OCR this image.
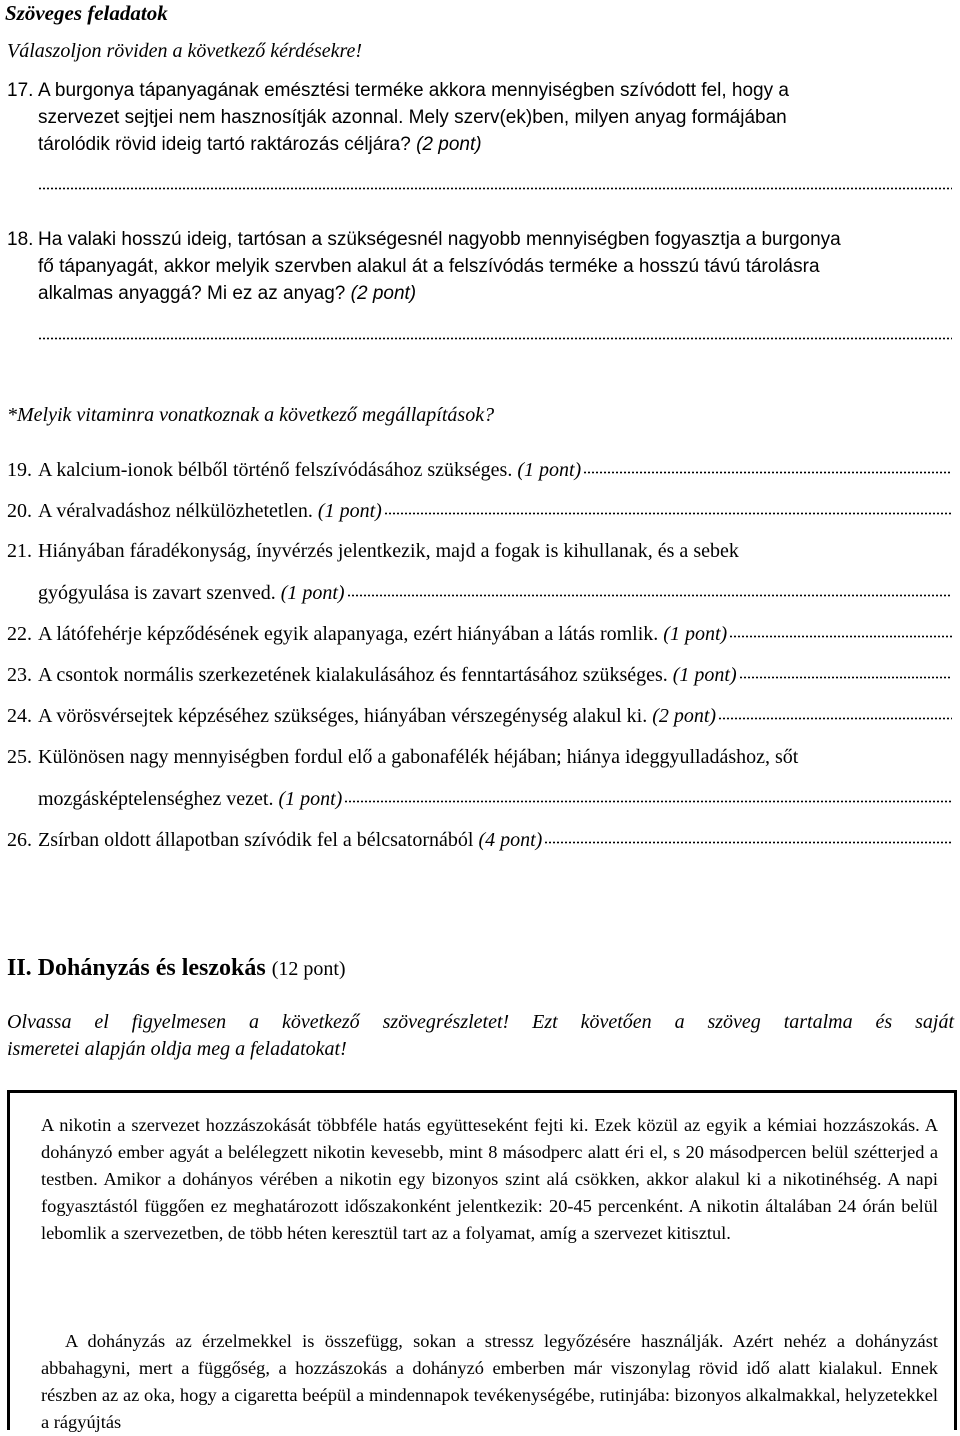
Szöveges feladatok
Válaszoljon röviden a következő kérdésekre!
17. A burgonya tápanyagának emésztési terméke akkora mennyiségben szívódott fel, hogy a
szervezet sejtjei nem hasznosítják azonnal. Mely szerv(ek)ben, milyen anyag formájában
tárolódik rövid ideig tartó raktározás céljára? (2 pont)
18. Ha valaki hosszú ideig, tartósan a szükségesnél nagyobb mennyiségben fogyasztja a burgonya
fő tápanyagát, akkor melyik szervben alakul át a felszívódás terméke a hosszú távú tárolásra
alkalmas anyaggá? Mi ez az anyag? (2 pont)
*Melyik vitaminra vonatkoznak a következő megállapítások?
19. A kalcium-ionok bélből történő felszívódásához szükséges.
(1 pont)
20. A véralvadáshoz nélkülözhetetlen.
(1 pont)
21. Hiányában fáradékonyság, ínyvérzés jelentkezik, majd a fogak is kihullanak, és a sebek
gyógyulása is zavart szenved.
(1 pont)
22. A látófehérje képződésének egyik alapanyaga, ezért hiányában a látás romlik.
(1 pont)
23. A csontok normális szerkezetének kialakulásához és fenntartásához szükséges.
(1 pont)
24. A vörösvérsejtek képzéséhez szükséges, hiányában vérszegénység alakul ki.
(2 pont)
25. Különösen nagy mennyiségben fordul elő a gabonafélék héjában; hiánya ideggyulladáshoz, sőt
mozgásképtelenséghez vezet.
(1 pont)
26. Zsírban oldott állapotban szívódik fel a bélcsatornából
(4 pont)
II. Dohányzás és leszokás (12 pont)
Olvassa el figyelmesen a következő szövegrészletet! Ezt követően a szöveg tartalma és saját
ismeretei alapján oldja meg a feladatokat!

A nikotin a szervezet hozzászokását többféle hatás együtteseként fejti ki. Ezek közül az egyik a kémiai hozzászokás. A dohányzó ember agyát a belélegzett nikotin kevesebb, mint 8 másodperc alatt éri el, s 20 másodpercen belül szétterjed a testben. Amikor a dohányos vérében a nikotin egy bizonyos szint alá csökken, akkor alakul ki a nikotinéhség. A napi fogyasztástól függően ez meghatározott időszakonként jelentkezik: 20-45 percenként. A nikotin általában 24 órán belül lebomlik a szervezetben, de több héten keresztül tart az a folyamat, amíg a szervezet kitisztul.

A dohányzás az érzelmekkel is összefügg, sokan a stressz legyőzésére használják. Azért nehéz a dohányzást abbahagyni, mert a függőség, a hozzászokás a dohányzó emberben már viszonylag rövid idő alatt kialakul. Ennek részben az az oka, hogy a cigaretta beépül a mindennapok tevékenységébe, rutinjába: bizonyos alkalmakkal, helyzetekkel a rágyújtás
